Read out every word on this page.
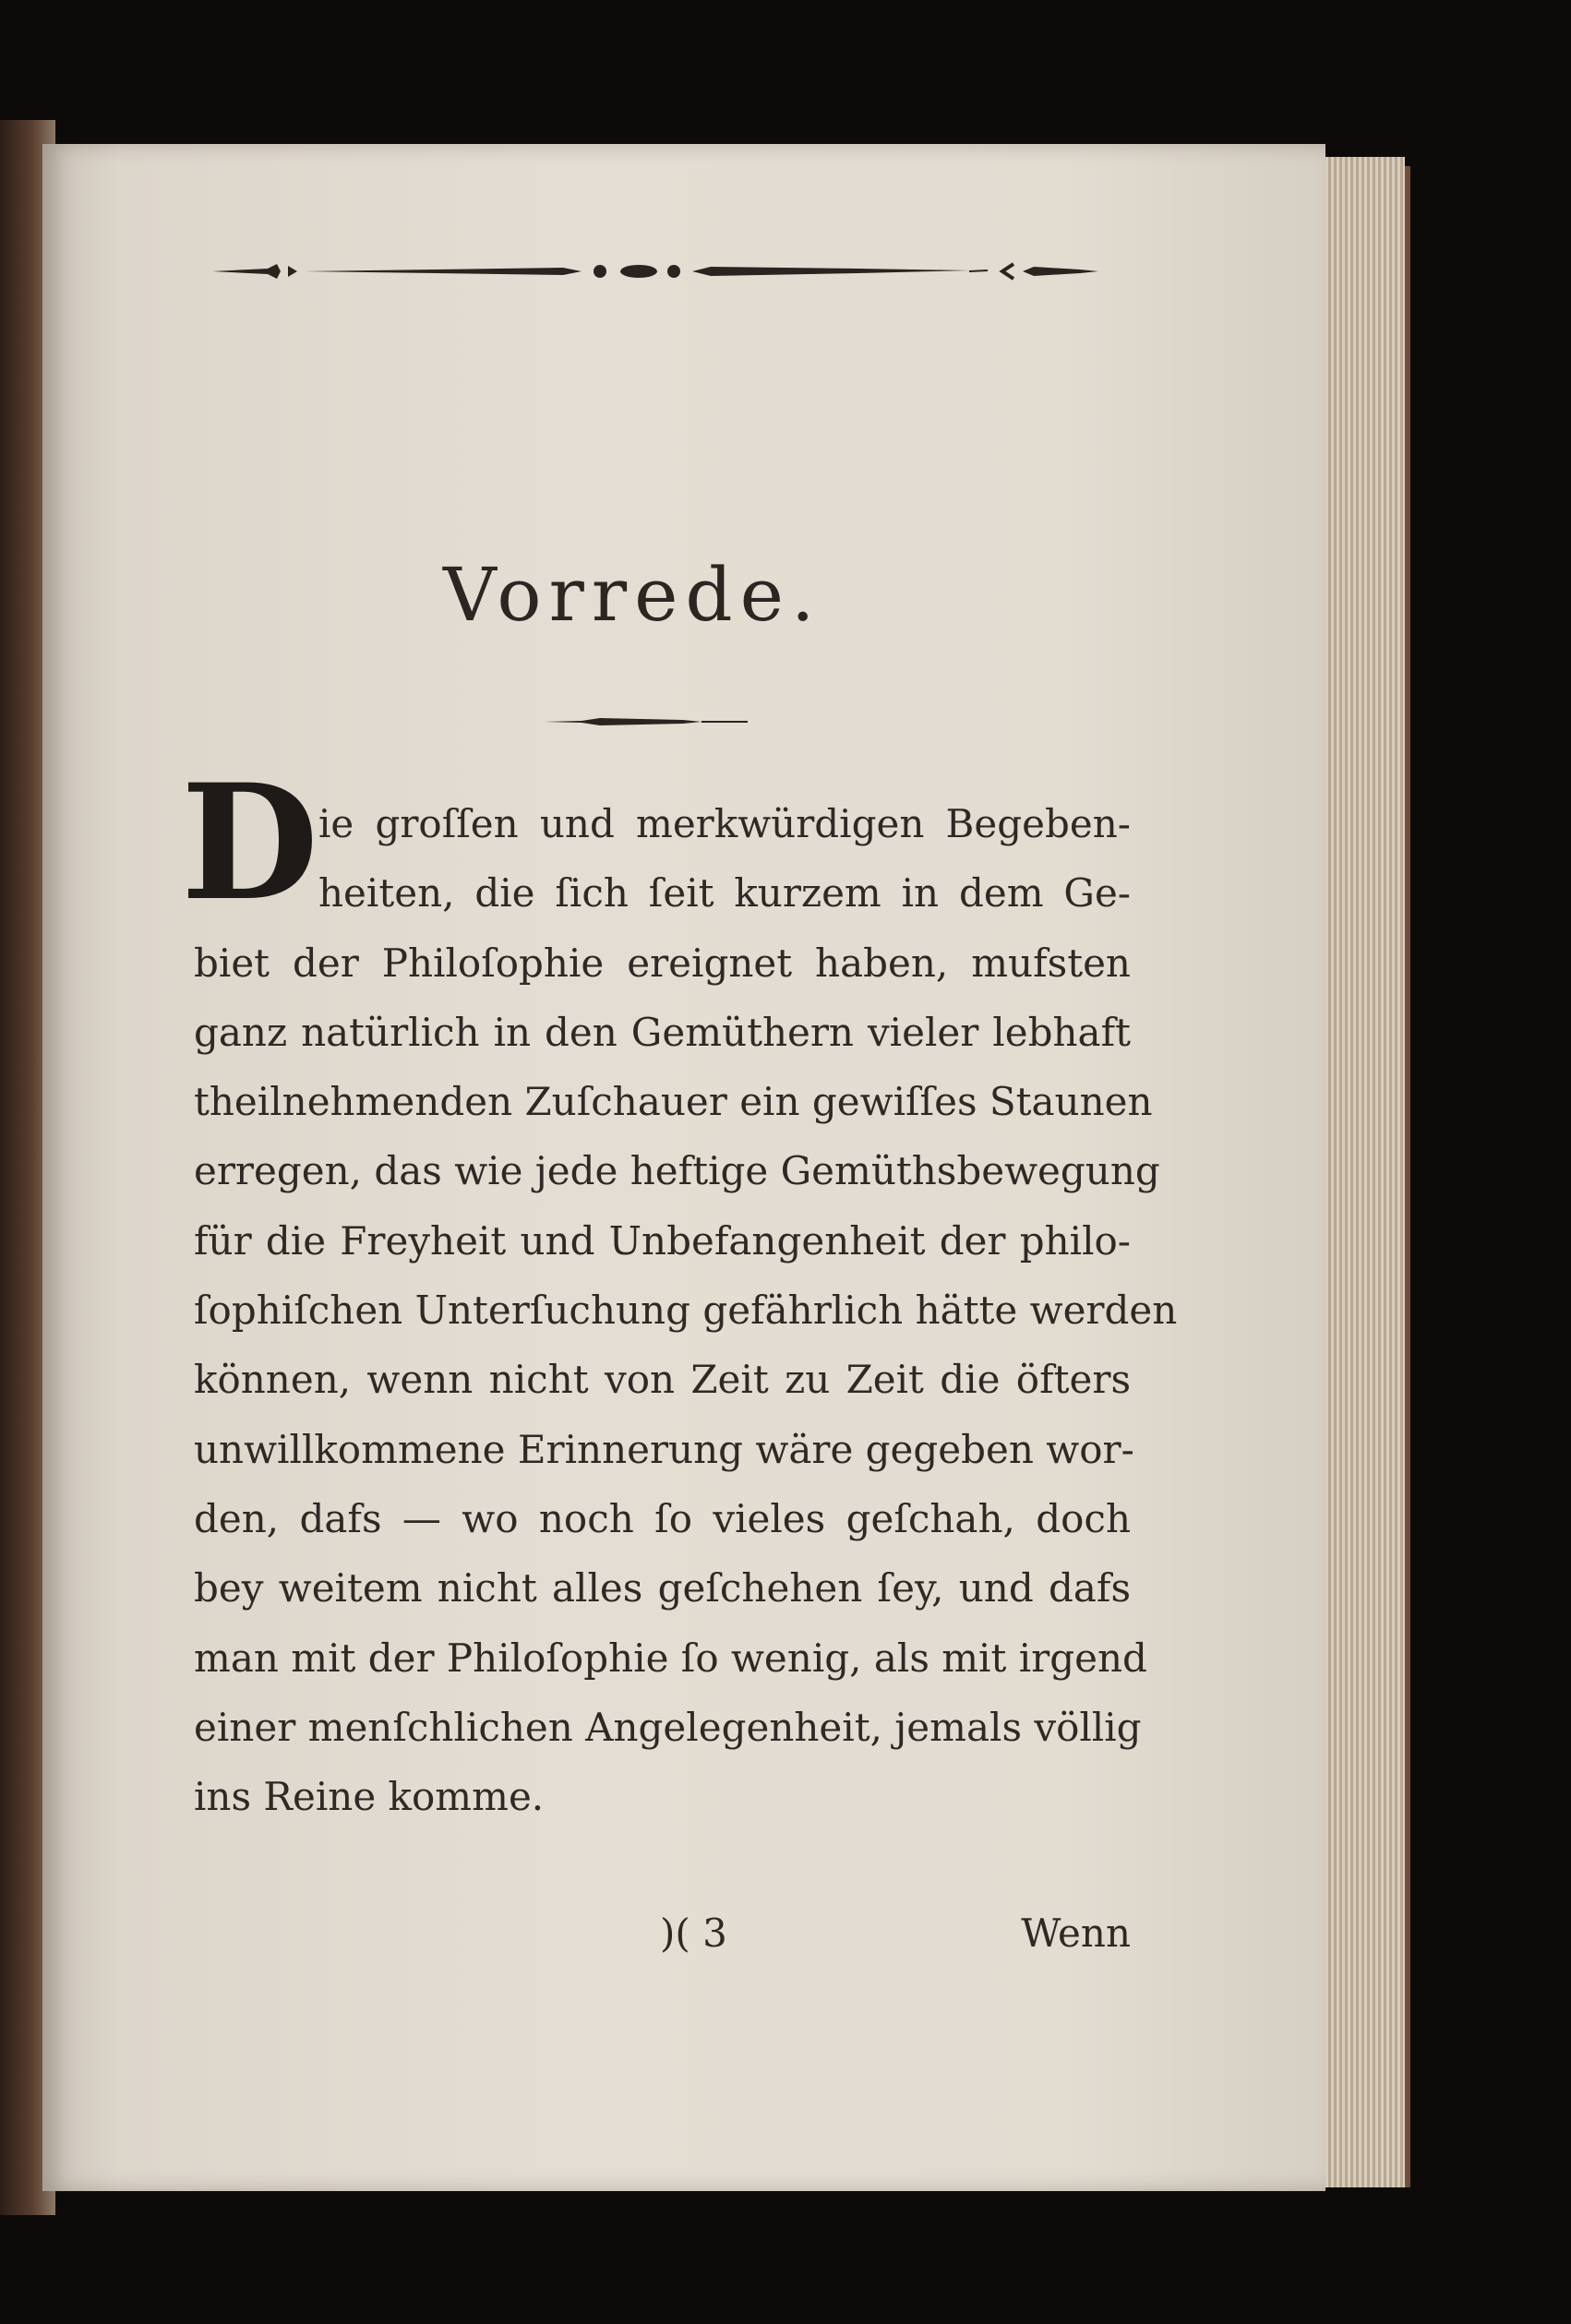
Vorrede.
D ie groſſen und merkwürdigen Begeben-
heiten, die ſich ſeit kurzem in dem Ge-
biet der Philoſophie ereignet haben, mufsten
ganz natürlich in den Gemüthern vieler lebhaft
theilnehmenden Zuſchauer ein gewiſſes Staunen
erregen, das wie jede heftige Gemüthsbewegung
für die Freyheit und Unbefangenheit der philo-
ſophiſchen Unterſuchung gefährlich hätte werden
können, wenn nicht von Zeit zu Zeit die öfters
unwillkommene Erinnerung wäre gegeben wor-
den, dafs — wo noch ſo vieles geſchah, doch
bey weitem nicht alles geſchehen ſey, und dafs
man mit der Philoſophie ſo wenig, als mit irgend
einer menſchlichen Angelegenheit, jemals völlig
ins Reine komme.
)( 3	Wenn
